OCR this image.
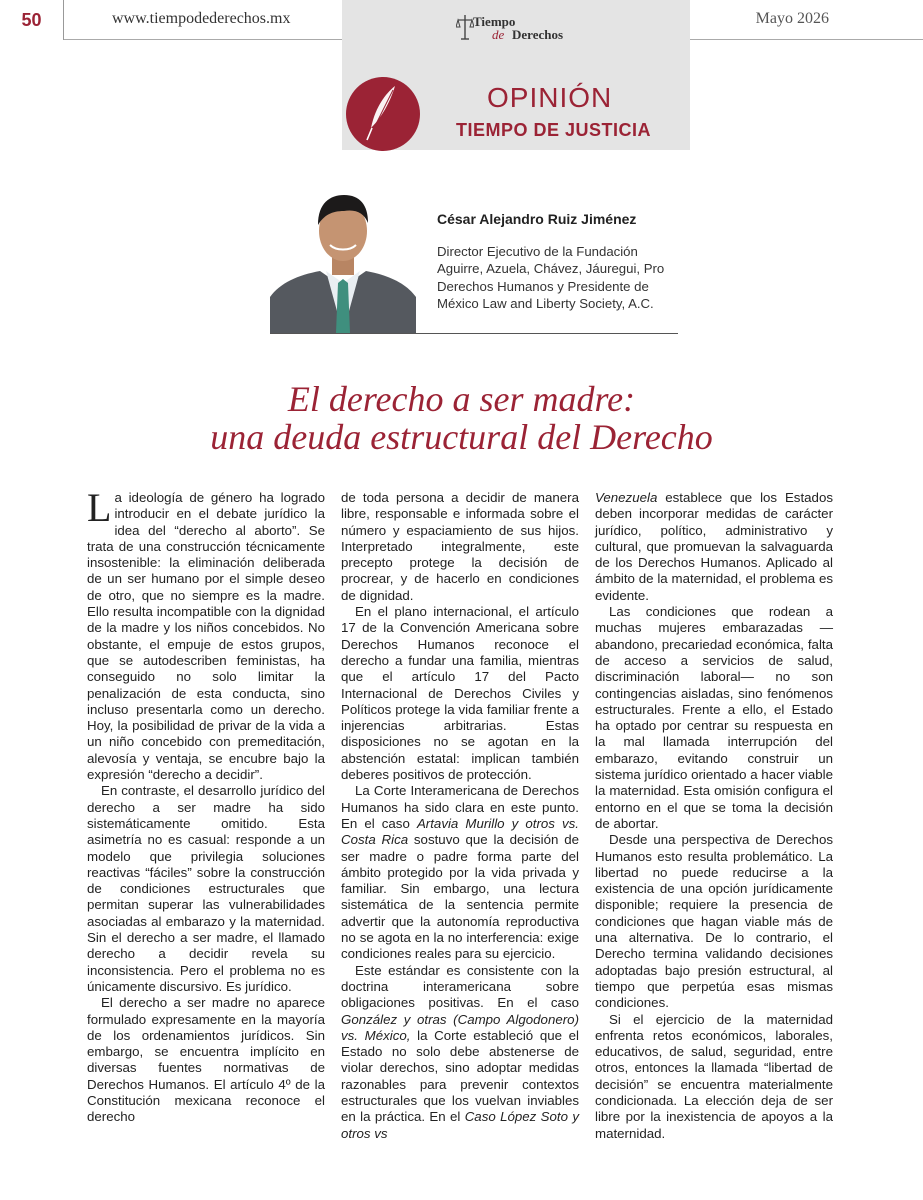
50	www.tiempodederechos.mx	Mayo 2026
Tiempo
de Derechos
OPINIÓN
TIEMPO DE JUSTICIA
César Alejandro Ruiz Jiménez
Director Ejecutivo de la Fundación Aguirre, Azuela, Chávez, Jáuregui, Pro Derechos Humanos y Presidente de México Law and Liberty Society, A.C.
El derecho a ser madre:
una deuda estructural del Derecho

La ideología de género ha logrado introducir en el debate jurídico la idea del “derecho al aborto”. Se trata de una construcción técnicamente insostenible: la eliminación deliberada de un ser humano por el simple deseo de otro, que no siempre es la madre. Ello resulta incompatible con la dignidad de la madre y los niños concebidos. No obstante, el empuje de estos grupos, que se autodescriben feministas, ha conseguido no solo limitar la penalización de esta conducta, sino incluso presentarla como un derecho. Hoy, la posibilidad de privar de la vida a un niño concebido con premeditación, alevosía y ventaja, se encubre bajo la expresión “derecho a decidir”.

En contraste, el desarrollo jurídico del derecho a ser madre ha sido sistemáticamente omitido. Esta asimetría no es casual: responde a un modelo que privilegia soluciones reactivas “fáciles” sobre la construcción de condiciones estructurales que permitan superar las vulnerabilidades asociadas al embarazo y la maternidad. Sin el derecho a ser madre, el llamado derecho a decidir revela su inconsistencia. Pero el problema no es únicamente discursivo. Es jurídico.

El derecho a ser madre no aparece formulado expresamente en la mayoría de los ordenamientos jurídicos. Sin embargo, se encuentra implícito en diversas fuentes normativas de Derechos Humanos. El artículo 4º de la Constitución mexicana reconoce el derecho

de toda persona a decidir de manera libre, responsable e informada sobre el número y espaciamiento de sus hijos. Interpretado integralmente, este precepto protege la decisión de procrear, y de hacerlo en condiciones de dignidad.

En el plano internacional, el artículo 17 de la Convención Americana sobre Derechos Humanos reconoce el derecho a fundar una familia, mientras que el artículo 17 del Pacto Internacional de Derechos Civiles y Políticos protege la vida familiar frente a injerencias arbitrarias. Estas disposiciones no se agotan en la abstención estatal: implican también deberes positivos de protección.

La Corte Interamericana de Derechos Humanos ha sido clara en este punto. En el caso Artavia Murillo y otros vs. Costa Rica sostuvo que la decisión de ser madre o padre forma parte del ámbito protegido por la vida privada y familiar. Sin embargo, una lectura sistemática de la sentencia permite advertir que la autonomía reproductiva no se agota en la no interferencia: exige condiciones reales para su ejercicio.

Este estándar es consistente con la doctrina interamericana sobre obligaciones positivas. En el caso González y otras (Campo Algodonero) vs. México, la Corte estableció que el Estado no solo debe abstenerse de violar derechos, sino adoptar medidas razonables para prevenir contextos estructurales que los vuelvan inviables en la práctica. En el Caso López Soto y otros vs

Venezuela establece que los Estados deben incorporar medidas de carácter jurídico, político, administrativo y cultural, que promuevan la salvaguarda de los Derechos Humanos. Aplicado al ámbito de la maternidad, el problema es evidente.

Las condiciones que rodean a muchas mujeres embarazadas —abandono, precariedad económica, falta de acceso a servicios de salud, discriminación laboral— no son contingencias aisladas, sino fenómenos estructurales. Frente a ello, el Estado ha optado por centrar su respuesta en la mal llamada interrupción del embarazo, evitando construir un sistema jurídico orientado a hacer viable la maternidad. Esta omisión configura el entorno en el que se toma la decisión de abortar.

Desde una perspectiva de Derechos Humanos esto resulta problemático. La libertad no puede reducirse a la existencia de una opción jurídicamente disponible; requiere la presencia de condiciones que hagan viable más de una alternativa. De lo contrario, el Derecho termina validando decisiones adoptadas bajo presión estructural, al tiempo que perpetúa esas mismas condiciones.

Si el ejercicio de la maternidad enfrenta retos económicos, laborales, educativos, de salud, seguridad, entre otros, entonces la llamada “libertad de decisión” se encuentra materialmente condicionada. La elección deja de ser libre por la inexistencia de apoyos a la maternidad.
